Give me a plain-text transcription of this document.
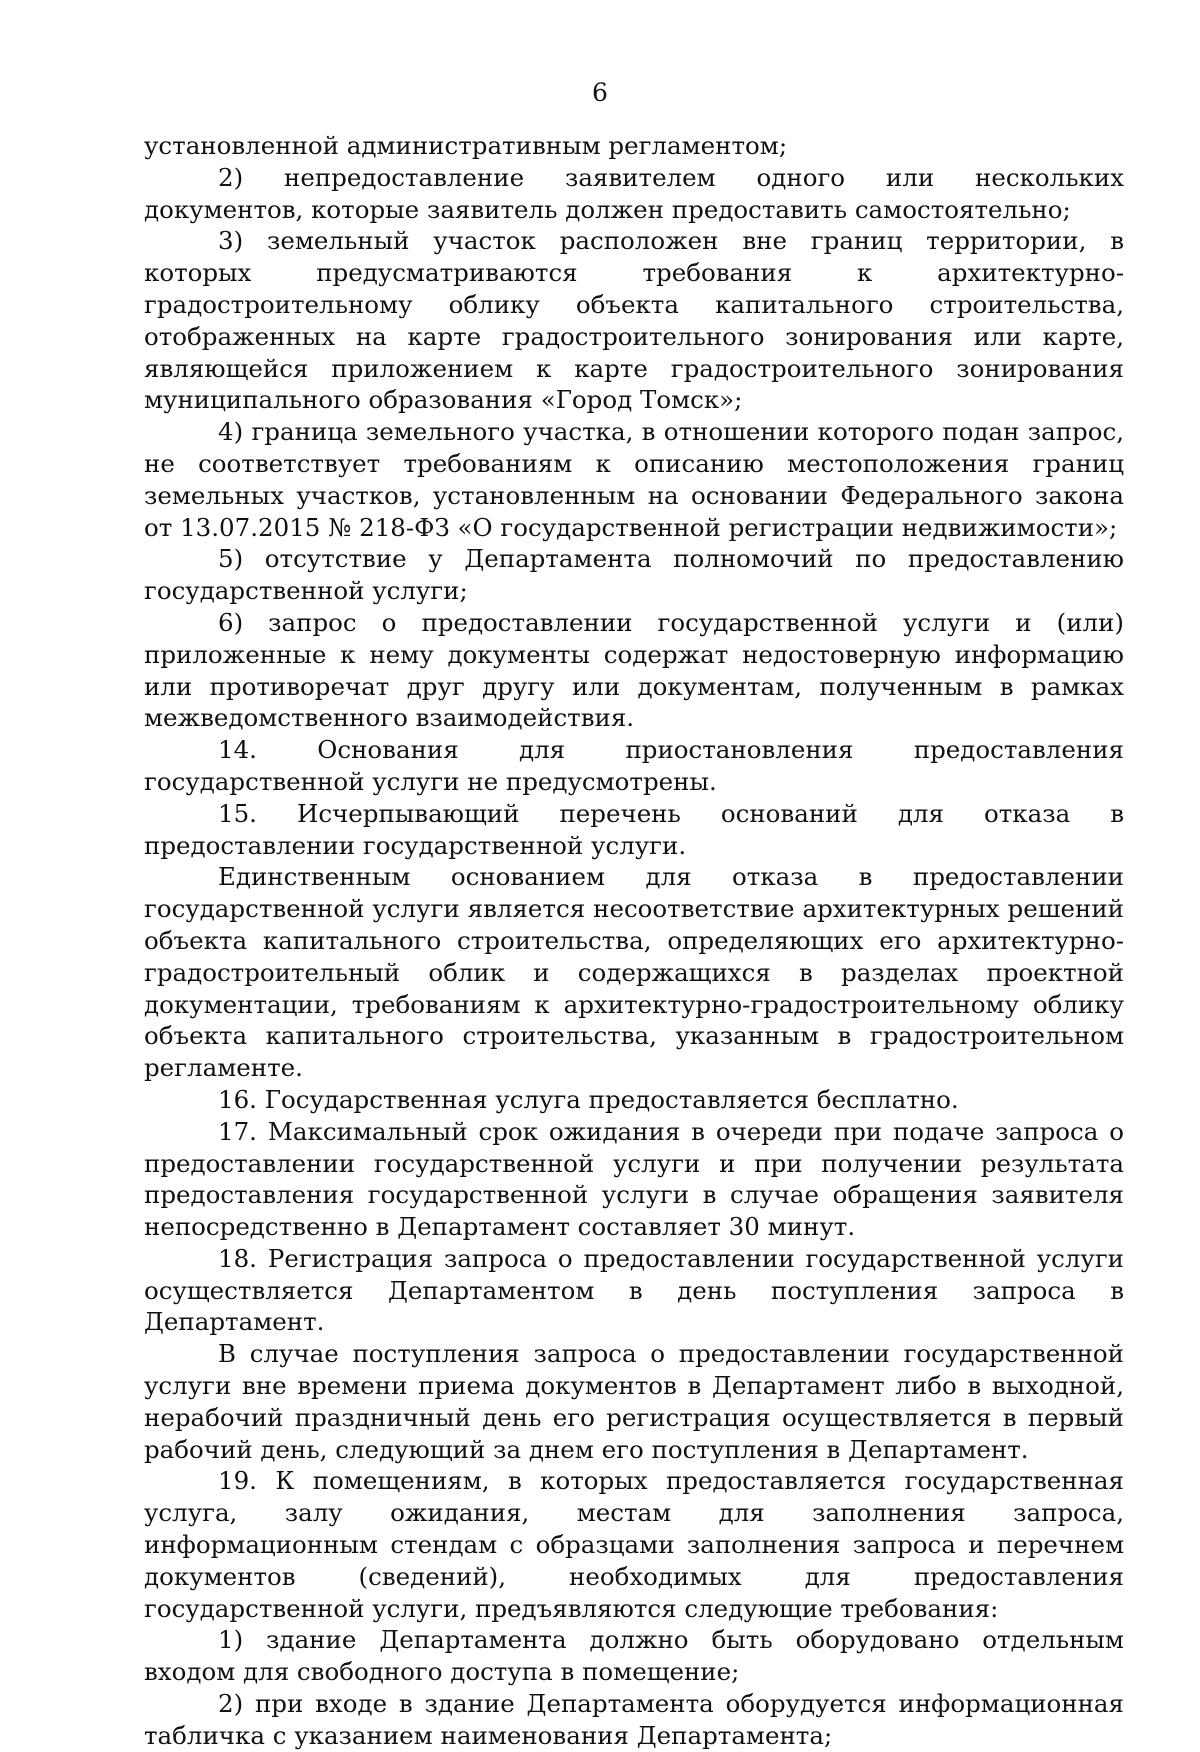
6

установленной административным регламентом;

2) непредоставление заявителем одного или нескольких документов, которые заявитель должен предоставить самостоятельно;

3) земельный участок расположен вне границ территории, в которых предусматриваются требования к архитектурно-градостроительному облику объекта капитального строительства, отображенных на карте градостроительного зонирования или карте, являющейся приложением к карте градостроительного зонирования муниципального образования «Город Томск»;

4) граница земельного участка, в отношении которого подан запрос, не соответствует требованиям к описанию местоположения границ земельных участков, установленным на основании Федерального закона от 13.07.2015 № 218-ФЗ «О государственной регистрации недвижимости»;

5) отсутствие у Департамента полномочий по предоставлению государственной услуги;

6) запрос о предоставлении государственной услуги и (или) приложенные к нему документы содержат недостоверную информацию или противоречат друг другу или документам, полученным в рамках межведомственного взаимодействия.

14. Основания для приостановления предоставления государственной услуги не предусмотрены.

15. Исчерпывающий перечень оснований для отказа в предоставлении государственной услуги.

Единственным основанием для отказа в предоставлении государственной услуги является несоответствие архитектурных решений объекта капитального строительства, определяющих его архитектурно-градостроительный облик и содержащихся в разделах проектной документации, требованиям к архитектурно-градостроительному облику объекта капитального строительства, указанным в градостроительном регламенте.

16. Государственная услуга предоставляется бесплатно.

17. Максимальный срок ожидания в очереди при подаче запроса о предоставлении государственной услуги и при получении результата предоставления государственной услуги в случае обращения заявителя непосредственно в Департамент составляет 30 минут.

18. Регистрация запроса о предоставлении государственной услуги осуществляется Департаментом в день поступления запроса в Департамент.

В случае поступления запроса о предоставлении государственной услуги вне времени приема документов в Департамент либо в выходной, нерабочий праздничный день его регистрация осуществляется в первый рабочий день, следующий за днем его поступления в Департамент.

19. К помещениям, в которых предоставляется государственная услуга, залу ожидания, местам для заполнения запроса, информационным стендам с образцами заполнения запроса и перечнем документов (сведений), необходимых для предоставления государственной услуги, предъявляются следующие требования:

1) здание Департамента должно быть оборудовано отдельным входом для свободного доступа в помещение;

2) при входе в здание Департамента оборудуется информационная табличка с указанием наименования Департамента;
